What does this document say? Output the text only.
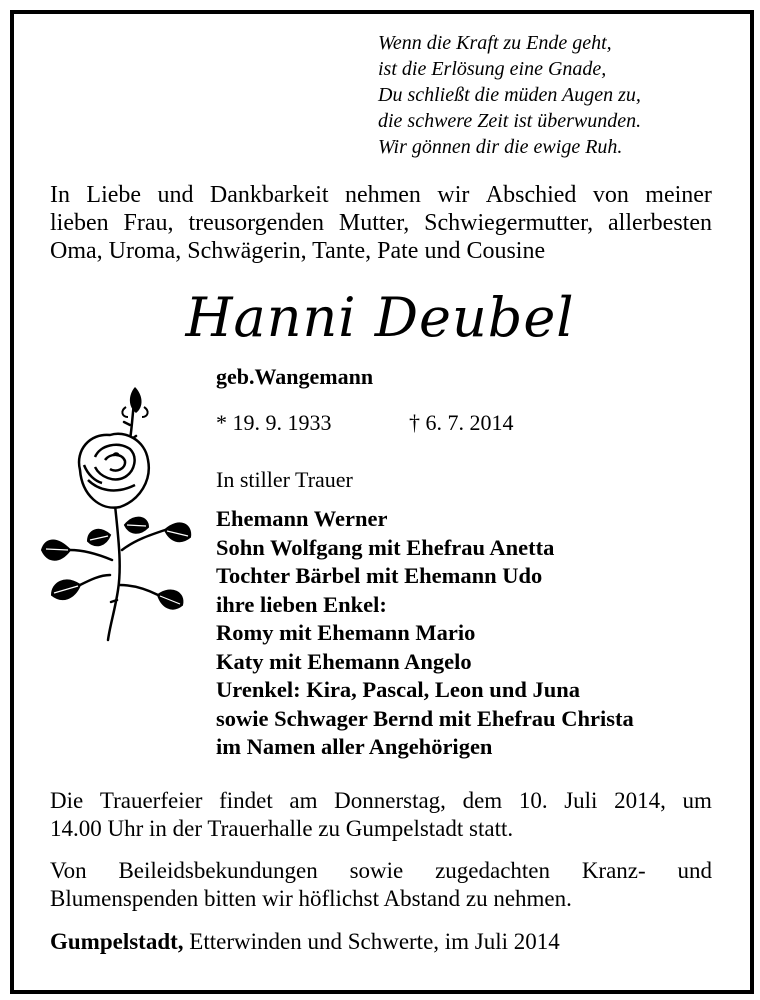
Wenn die Kraft zu Ende geht,
ist die Erlösung eine Gnade,
Du schließt die müden Augen zu,
die schwere Zeit ist überwunden.
Wir gönnen dir die ewige Ruh.
In Liebe und Dankbarkeit nehmen wir Abschied von meiner
lieben Frau, treusorgenden Mutter, Schwiegermutter, allerbesten
Oma, Uroma, Schwägerin, Tante, Pate und Cousine
Hanni Deubel
geb.Wangemann
* 19. 9. 1933	† 6. 7. 2014
In stiller Trauer
Ehemann Werner
Sohn Wolfgang mit Ehefrau Anetta
Tochter Bärbel mit Ehemann Udo
ihre lieben Enkel:
Romy mit Ehemann Mario
Katy mit Ehemann Angelo
Urenkel: Kira, Pascal, Leon und Juna
sowie Schwager Bernd mit Ehefrau Christa
im Namen aller Angehörigen
Die Trauerfeier findet am Donnerstag, dem 10. Juli 2014, um
14.00 Uhr in der Trauerhalle zu Gumpelstadt statt.
Von Beileidsbekundungen sowie zugedachten Kranz- und
Blumenspenden bitten wir höflichst Abstand zu nehmen.
Gumpelstadt, Etterwinden und Schwerte, im Juli 2014
